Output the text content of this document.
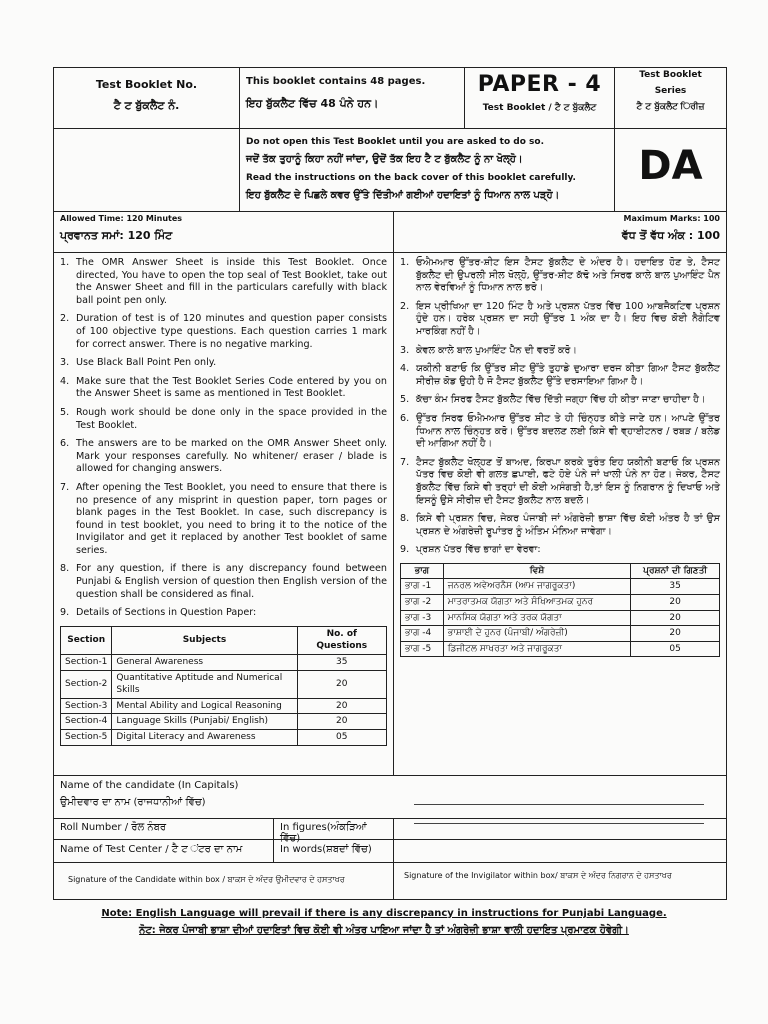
Test Booklet No.
ਟੈ ਟ ਬੁੱਕਲੈਟ ਨੰ.
This booklet contains 48 pages.
ਇਹ ਬੁੱਕਲੈਟ ਵਿੱਚ 48 ਪੰਨੇ ਹਨ।
PAPER - 4
Test Booklet / ਟੈ ਟ ਬੁੱਕਲੈਟ
Test Booklet
Series
ਟੈ ਟ ਬੁੱਕਲੈਟ ਿਰੀਜ਼
Do not open this Test Booklet until you are asked to do so.
ਜਦੋਂ ਤੱਕ ਤੁਹਾਨੂੰ ਕਿਹਾ ਨਹੀਂ ਜਾਂਦਾ, ਉਦੋਂ ਤੱਕ ਇਹ ਟੈ ਟ ਬੁੱਕਲੈਟ ਨੂੰ ਨਾ ਖੋਲ੍ਹੋ।
Read the instructions on the back cover of this booklet carefully.
ਇਹ ਬੁੱਕਲੈਟ ਦੇ ਪਿਛਲੇ ਕਵਰ ਉੱਤੇ ਦਿੱਤੀਆਂ ਗਈਆਂ ਹਦਾਇਤਾਂ ਨੂੰ ਧਿਆਨ ਨਾਲ ਪੜ੍ਹੋ।
DA
Allowed Time: 120 Minutes
ਪ੍ਰਵਾਨਤ ਸਮਾਂ: 120 ਮਿੰਟ
Maximum Marks: 100
ਵੱਧ ਤੋਂ ਵੱਧ ਅੰਕ : 100
1. The OMR Answer Sheet is inside this Test Booklet. Once directed, You have to open the top seal of Test Booklet, take out the Answer Sheet and fill in the particulars carefully with black ball point pen only.
2. Duration of test is of 120 minutes and question paper consists of 100 objective type questions. Each question carries 1 mark for correct answer. There is no negative marking.
3. Use Black Ball Point Pen only.
4. Make sure that the Test Booklet Series Code entered by you on the Answer Sheet is same as mentioned in Test Booklet.
5. Rough work should be done only in the space provided in the Test Booklet.
6. The answers are to be marked on the OMR Answer Sheet only. Mark your responses carefully. No whitener/ eraser / blade is allowed for changing answers.
7. After opening the Test Booklet, you need to ensure that there is no presence of any misprint in question paper, torn pages or blank pages in the Test Booklet. In case, such discrepancy is found in test booklet, you need to bring it to the notice of the Invigilator and get it replaced by another Test booklet of same series.
8. For any question, if there is any discrepancy found between Punjabi & English version of question then English version of the question shall be considered as final.
9. Details of Sections in Question Paper:
Section	Subjects	No. of Questions
Section-1	General Awareness	35
Section-2	Quantitative Aptitude and Numerical Skills	20
Section-3	Mental Ability and Logical Reasoning	20
Section-4	Language Skills (Punjabi/ English)	20
Section-5	Digital Literacy and Awareness	05
1. ਓਐਮਆਰ ਉੱਤਰ-ਸ਼ੀਟ ਇਸ ਟੈਸਟ ਬੁੱਕਲੈਟ ਦੇ ਅੰਦਰ ਹੈ। ਹਦਾਇਤ ਹੋਣ ਤੇ, ਟੈਸਟ ਬੁੱਕਲੈਟ ਦੀ ਉਪਰਲੀ ਸੀਲ ਖੋਲ੍ਹੋ, ਉੱਤਰ-ਸ਼ੀਟ ਕੱਢੋ ਅਤੇ ਸਿਰਫ ਕਾਲੇ ਬਾਲ ਪੁਆਇੰਟ ਪੈਨ ਨਾਲ ਵੇਰਵਿਆਂ ਨੂੰ ਧਿਆਨ ਨਾਲ ਭਰੋ।
2. ਇਸ ਪ੍ਰੀਖਿਆ ਦਾ 120 ਮਿੰਟ ਹੈ ਅਤੇ ਪ੍ਰਸ਼ਨ ਪੱਤਰ ਵਿੱਚ 100 ਆਬਜੈਕਟਿਵ ਪ੍ਰਸ਼ਨ ਹੁੰਦੇ ਹਨ। ਹਰੇਕ ਪ੍ਰਸ਼ਨ ਦਾ ਸਹੀ ਉੱਤਰ 1 ਅੰਕ ਦਾ ਹੈ। ਇਹ ਵਿਚ ਕੋਈ ਨੈਗੇਟਿਵ ਮਾਰਕਿੰਗ ਨਹੀਂ ਹੈ।
3. ਕੇਵਲ ਕਾਲੇ ਬਾਲ ਪੁਆਇੰਟ ਪੈੱਨ ਦੀ ਵਰਤੋਂ ਕਰੋ।
4. ਯਕੀਨੀ ਬਣਾਓ ਕਿ ਉੱਤਰ ਸ਼ੀਟ ਉੱਤੇ ਤੁਹਾਡੇ ਦੁਆਰਾ ਦਰਜ ਕੀਤਾ ਗਿਆ ਟੈਸਟ ਬੁੱਕਲੈਟ ਸੀਰੀਜ਼ ਕੋਡ ਉਹੀ ਹੈ ਜੋ ਟੈਸਟ ਬੁੱਕਲੈਟ ਉੱਤੇ ਦਰਸਾਇਆ ਗਿਆ ਹੈ।
5. ਕੱਚਾ ਕੰਮ ਸਿਰਫ ਟੈਸਟ ਬੁੱਕਲੈਟ ਵਿੱਚ ਦਿੱਤੀ ਜਗ੍ਹਾ ਵਿੱਚ ਹੀ ਕੀਤਾ ਜਾਣਾ ਚਾਹੀਦਾ ਹੈ।
6. ਉੱਤਰ ਸਿਰਫ ਓਐਮਆਰ ਉੱਤਰ ਸ਼ੀਟ ਤੇ ਹੀ ਚਿੰਨ੍ਹਤ ਕੀਤੇ ਜਾਣੇ ਹਨ। ਆਪਣੇ ਉੱਤਰ ਧਿਆਨ ਨਾਲ ਚਿੰਨ੍ਹਤ ਕਰੋ। ਉੱਤਰ ਬਦਲਣ ਲਈ ਕਿਸੇ ਵੀ ਵ੍ਹਾਈਟਨਰ / ਰਬੜ / ਬਲੇਡ ਦੀ ਆਗਿਆ ਨਹੀਂ ਹੈ।
7. ਟੈਸਟ ਬੁੱਕਲੈਟ ਖੋਲ੍ਹਣ ਤੋਂ ਬਾਅਦ, ਕਿਰਪਾ ਕਰਕੇ ਤੁਰੰਤ ਇਹ ਯਕੀਨੀ ਬਣਾਓ ਕਿ ਪ੍ਰਸ਼ਨ ਪੱਤਰ ਵਿਚ ਕੋਈ ਵੀ ਗਲਤ ਛਪਾਈ, ਫਟੇ ਹੋਏ ਪੰਨੇ ਜਾਂ ਖਾਲੀ ਪੰਨੇ ਨਾ ਹੋਣ। ਜੇਕਰ, ਟੈਸਟ ਬੁੱਕਲੈਟ ਵਿੱਚ ਕਿਸੇ ਵੀ ਤਰ੍ਹਾਂ ਦੀ ਕੋਈ ਅਸੰਗਤੀ ਹੈ,ਤਾਂ ਇਸ ਨੂੰ ਨਿਗਰਾਨ ਨੂੰ ਦਿਖਾਓ ਅਤੇ ਇਸਨੂੰ ਉਸੇ ਸੀਰੀਜ਼ ਦੀ ਟੈਸਟ ਬੁੱਕਲੈਟ ਨਾਲ ਬਦਲੋ।
8. ਕਿਸੇ ਵੀ ਪ੍ਰਸ਼ਨ ਵਿਚ, ਜੇਕਰ ਪੰਜਾਬੀ ਜਾਂ ਅੰਗਰੇਜ਼ੀ ਭਾਸ਼ਾ ਵਿੱਚ ਕੋਈ ਅੰਤਰ ਹੈ ਤਾਂ ਉਸ ਪ੍ਰਸ਼ਨ ਦੇ ਅੰਗਰੇਜ਼ੀ ਰੂਪਾਂਤਰ ਨੂੰ ਅੰਤਿਮ ਮੰਨਿਆ ਜਾਵੇਗਾ।
9. ਪ੍ਰਸ਼ਨ ਪੱਤਰ ਵਿੱਚ ਭਾਗਾਂ ਦਾ ਵੇਰਵਾ:
ਭਾਗ	ਵਿਸ਼ੇ	ਪ੍ਰਸ਼ਨਾਂ ਦੀ ਗਿਣਤੀ
ਭਾਗ -1	ਜਨਰਲ ਅਵੇਅਰਨੈਸ (ਆਮ ਜਾਗਰੂਕਤਾ)	35
ਭਾਗ -2	ਮਾਤਰਾਤਮਕ ਯੋਗਤਾ ਅਤੇ ਸੰਖਿਆਤਮਕ ਹੁਨਰ	20
ਭਾਗ -3	ਮਾਨਸਿਕ ਯੋਗਤਾ ਅਤੇ ਤਰਕ ਯੋਗਤਾ	20
ਭਾਗ -4	ਭਾਸ਼ਾਈ ਦੇ ਹੁਨਰ (ਪੰਜਾਬੀ/ ਅੰਗਰੇਜ਼ੀ)	20
ਭਾਗ -5	ਡਿਜੀਟਲ ਸਾਖਰਤਾ ਅਤੇ ਜਾਗਰੂਕਤਾ	05
Name of the candidate (In Capitals)
ਉਮੀਦਵਾਰ ਦਾ ਨਾਮ (ਰਾਜਧਾਨੀਆਂ ਵਿੱਚ)

Roll Number / ਰੋਲ ਨੰਬਰ	In figures(ਅੰਕੜਿਆਂ ਵਿੱਚ)
Name of Test Center / ਟੈ ਟ ਂਟਰ ਦਾ ਨਾਮ	In words(ਸ਼ਬਦਾਂ ਵਿੱਚ)
Signature of the Candidate within box / ਬਾਕਸ ਦੇ ਅੰਦਰ ਉਮੀਦਵਾਰ ਦੇ ਹਸਤਾਖਰ	Signature of the Invigilator within box/ ਬਾਕਸ ਦੇ ਅੰਦਰ ਨਿਗਰਾਨ ਦੇ ਹਸਤਾਖਰ
Note: English Language will prevail if there is any discrepancy in instructions for Punjabi Language.
ਨੋਟ: ਜੇਕਰ ਪੰਜਾਬੀ ਭਾਸ਼ਾ ਦੀਆਂ ਹਦਾਇਤਾਂ ਵਿਚ ਕੋਈ ਵੀ ਅੰਤਰ ਪਾਇਆ ਜਾਂਦਾ ਹੈ ਤਾਂ ਅੰਗਰੇਜ਼ੀ ਭਾਸ਼ਾ ਵਾਲੀ ਹਦਾਇਤ ਪ੍ਰਮਾਣਕ ਹੋਵੇਗੀ।
